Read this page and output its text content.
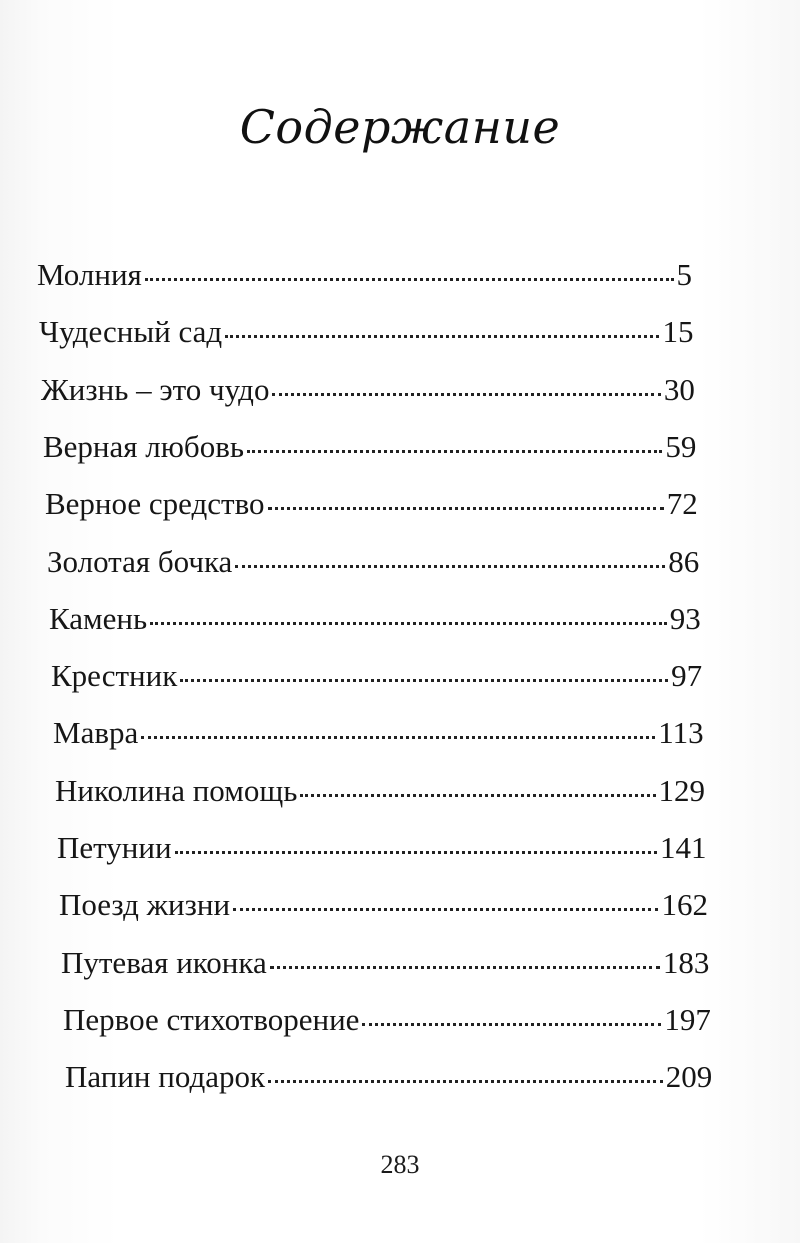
Содержание
Молния	5
Чудесный сад	15
Жизнь – это чудо	30
Верная любовь	59
Верное средство	72
Золотая бочка	86
Камень	93
Крестник	97
Мавра	113
Николина помощь	129
Петунии	141
Поезд жизни	162
Путевая иконка	183
Первое стихотворение	197
Папин подарок	209
283
